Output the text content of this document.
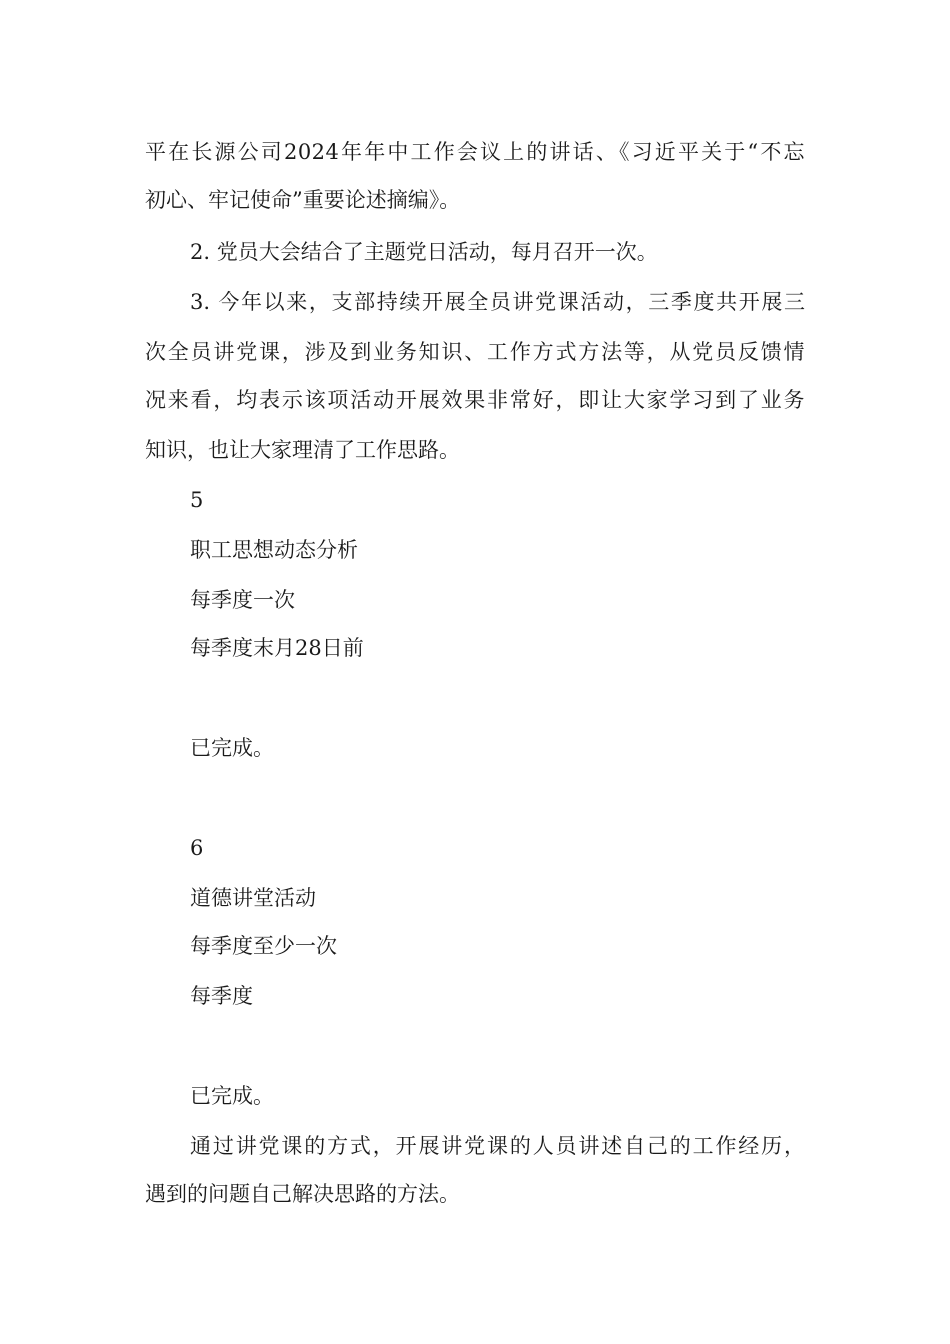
平在长源公司2024年年中工作会议上的讲话、《习近平关于“不忘
初心、牢记使命”重要论述摘编》。
2. 党员大会结合了主题党日活动，每月召开一次。
3. 今年以来，支部持续开展全员讲党课活动，三季度共开展三
次全员讲党课，涉及到业务知识、工作方式方法等，从党员反馈情
况来看，均表示该项活动开展效果非常好，即让大家学习到了业务
知识，也让大家理清了工作思路。
5
职工思想动态分析
每季度一次
每季度末月28日前
已完成。
6
道德讲堂活动
每季度至少一次
每季度
已完成。
通过讲党课的方式，开展讲党课的人员讲述自己的工作经历，
遇到的问题自己解决思路的方法。
